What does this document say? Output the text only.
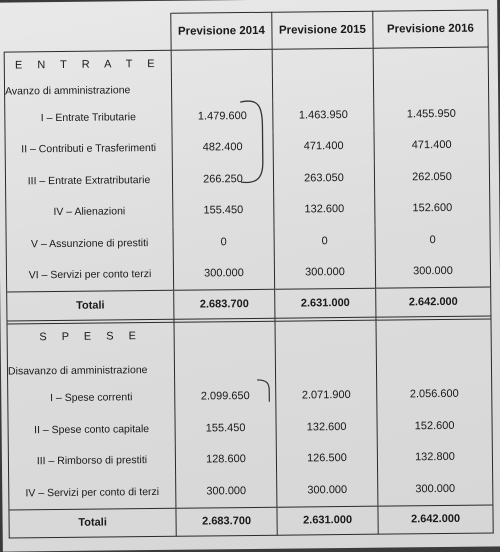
	Previsione 2014	Previsione 2015	Previsione 2016
E N T R A T E			
Avanzo di amministrazione			
I – Entrate Tributarie	1.479.600	1.463.950	1.455.950
II – Contributi e Trasferimenti	482.400	471.400	471.400
III – Entrate Extratributarie	266.250	263.050	262.050
IV – Alienazioni	155.450	132.600	152.600
V – Assunzione di prestiti	0	0	0
VI – Servizi per conto terzi	300.000	300.000	300.000
Totali	2.683.700	2.631.000	2.642.000

S P E S E			

Disavanzo di amministrazione			
I – Spese correnti	2.099.650	2.071.900	2.056.600
II – Spese conto capitale	155.450	132.600	152.600
III – Rimborso di prestiti	128.600	126.500	132.800
IV – Servizi per conto di terzi	300.000	300.000	300.000
Totali	2.683.700	2.631.000	2.642.000
